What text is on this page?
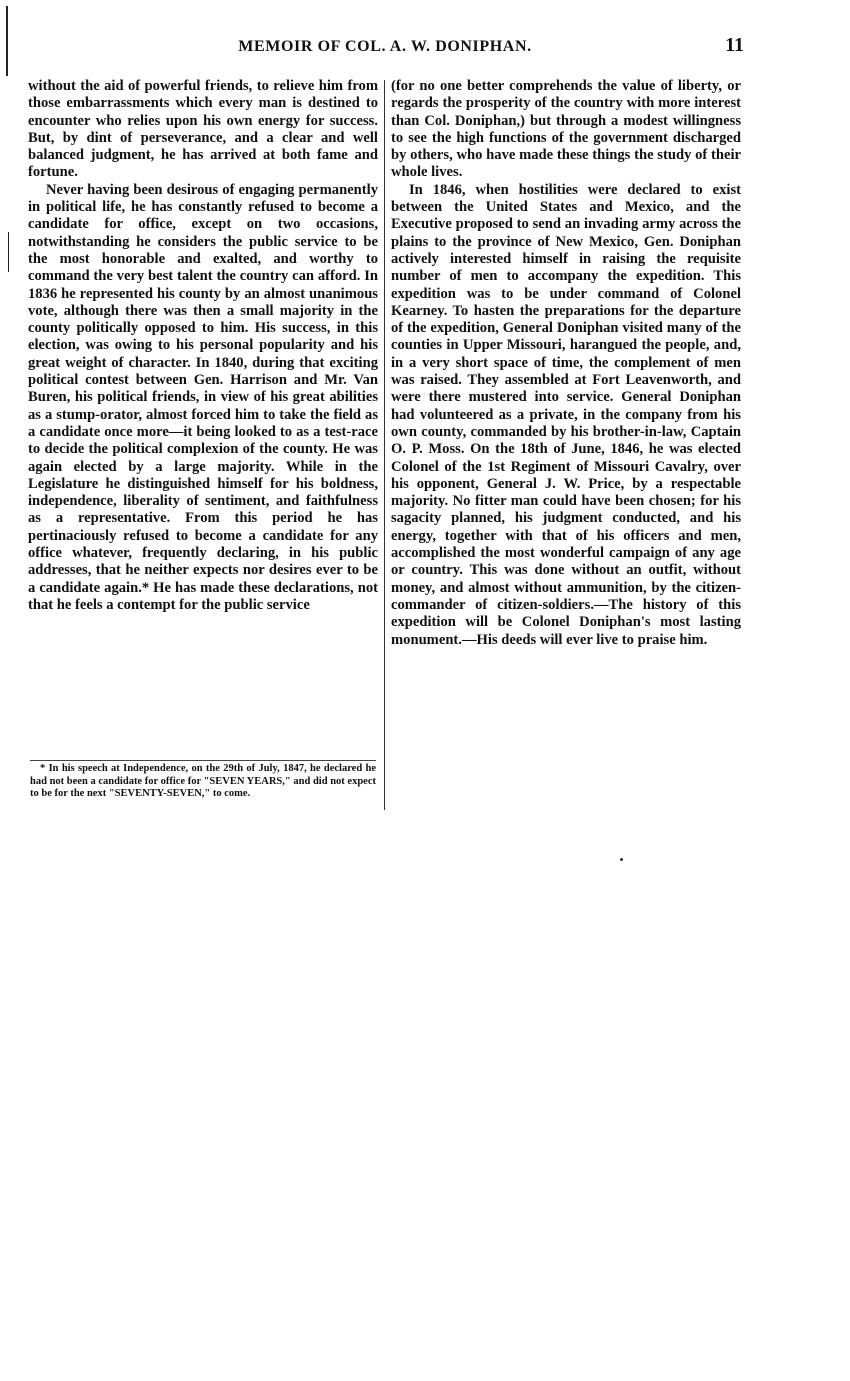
MEMOIR OF COL. A. W. DONIPHAN.	11

without the aid of powerful friends, to relieve him from those embarrassments which every man is destined to encounter who relies upon his own energy for success. But, by dint of perseverance, and a clear and well balanced judgment, he has arrived at both fame and fortune.

Never having been desirous of engaging permanently in political life, he has constantly refused to become a candidate for office, except on two occasions, notwithstanding he considers the public service to be the most honorable and exalted, and worthy to command the very best talent the country can afford. In 1836 he represented his county by an almost unanimous vote, although there was then a small majority in the county politically opposed to him. His success, in this election, was owing to his personal popularity and his great weight of character. In 1840, during that exciting political contest between Gen. Harrison and Mr. Van Buren, his political friends, in view of his great abilities as a stump-orator, almost forced him to take the field as a candidate once more—it being looked to as a test-race to decide the political complexion of the county. He was again elected by a large majority. While in the Legislature he distinguished himself for his boldness, independence, liberality of sentiment, and faithfulness as a representative. From this period he has pertinaciously refused to become a candidate for any office whatever, frequently declaring, in his public addresses, that he neither expects nor desires ever to be a candidate again.* He has made these declarations, not that he feels a contempt for the public service

* In his speech at Independence, on the 29th of July, 1847, he declared he had not been a candidate for office for "SEVEN YEARS," and did not expect to be for the next "SEVENTY-SEVEN," to come.

(for no one better comprehends the value of liberty, or regards the prosperity of the country with more interest than Col. Doniphan,) but through a modest willingness to see the high functions of the government discharged by others, who have made these things the study of their whole lives.

In 1846, when hostilities were declared to exist between the United States and Mexico, and the Executive proposed to send an invading army across the plains to the province of New Mexico, Gen. Doniphan actively interested himself in raising the requisite number of men to accompany the expedition. This expedition was to be under command of Colonel Kearney. To hasten the preparations for the departure of the expedition, General Doniphan visited many of the counties in Upper Missouri, harangued the people, and, in a very short space of time, the complement of men was raised. They assembled at Fort Leavenworth, and were there mustered into service. General Doniphan had volunteered as a private, in the company from his own county, commanded by his brother-in-law, Captain O. P. Moss. On the 18th of June, 1846, he was elected Colonel of the 1st Regiment of Missouri Cavalry, over his opponent, General J. W. Price, by a respectable majority. No fitter man could have been chosen; for his sagacity planned, his judgment conducted, and his energy, together with that of his officers and men, accomplished the most wonderful campaign of any age or country. This was done without an outfit, without money, and almost without ammunition, by the citizen-commander of citizen-soldiers.—The history of this expedition will be Colonel Doniphan's most lasting monument.—His deeds will ever live to praise him.
